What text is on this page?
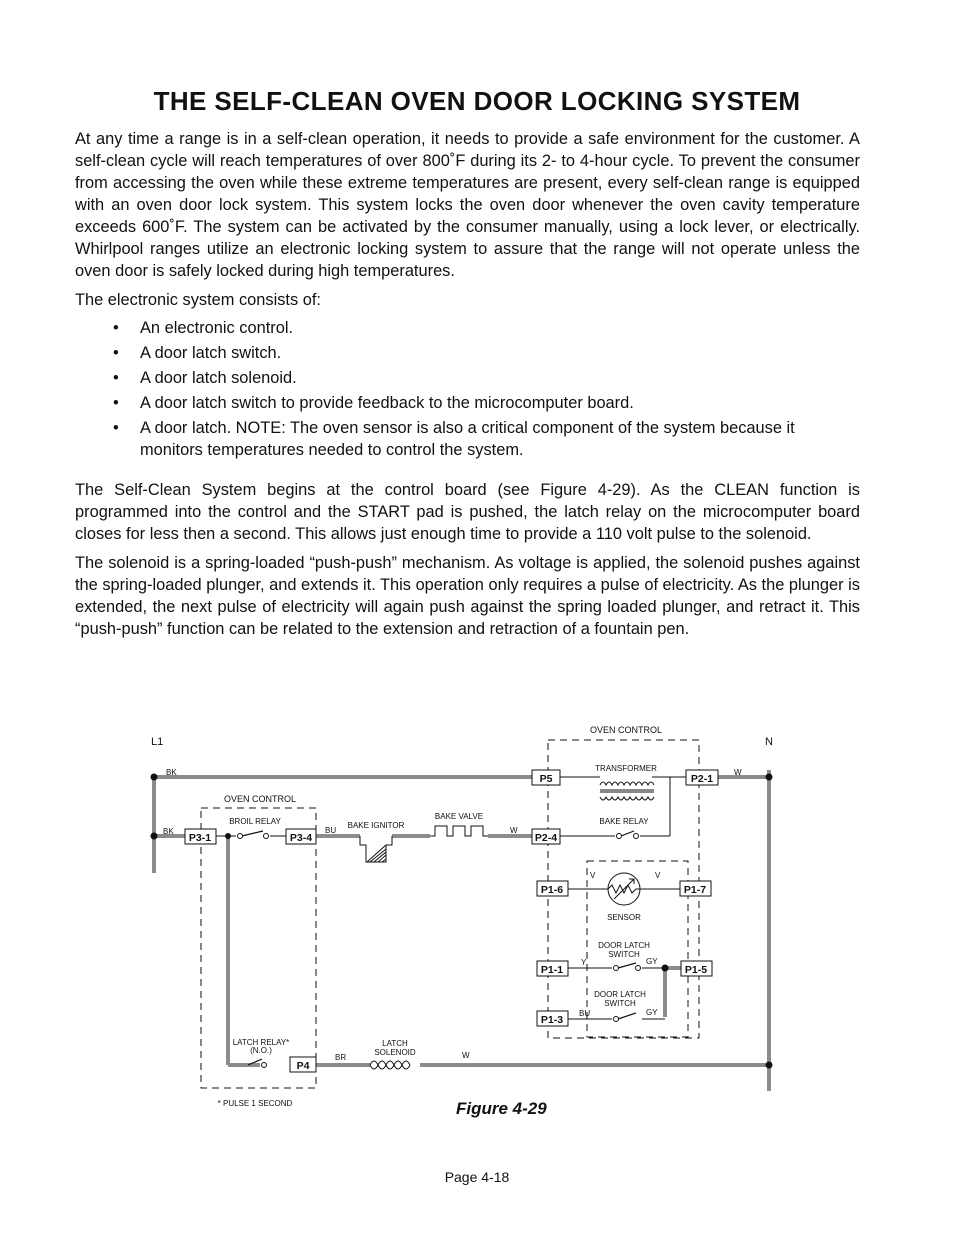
THE SELF-CLEAN OVEN DOOR LOCKING SYSTEM

At any time a range is in a self-clean operation, it needs to provide a safe environment for the customer. A self-clean cycle will reach temperatures of over 800˚F during its 2- to 4-hour cycle. To prevent the consumer from accessing the oven while these extreme temperatures are present, every self-clean range is equipped with an oven door lock system. This system locks the oven door whenever the oven cavity temperature exceeds 600˚F. The system can be activated by the consumer manually, using a lock lever, or electrically. Whirlpool ranges utilize an electronic locking system to assure that the range will not operate unless the oven door is safely locked during high temperatures.

The electronic system consists of:

• An electronic control.
• A door latch switch.
• A door latch solenoid.
• A door latch switch to provide feedback to the microcomputer board.
• A door latch. NOTE: The oven sensor is also a critical component of the system because it monitors temperatures needed to control the system.

The Self-Clean System begins at the control board (see Figure 4-29). As the CLEAN function is programmed into the control and the START pad is pushed, the latch relay on the microcomputer board closes for less then a second. This allows just enough time to provide a 110 volt pulse to the solenoid.

The solenoid is a spring-loaded “push-push” mechanism. As voltage is applied, the solenoid pushes against the spring-loaded plunger, and extends it. This operation only requires a pulse of electricity. As the plunger is extended, the next pulse of electricity will again push against the spring loaded plunger, and retract it. This “push-push” function can be related to the extension and retraction of a fountain pen.

P5	P2-1
P3-1	P3-4	P2-4
P1-6	P1-7
P1-1	P1-5
P1-3
P4
OVEN CONTROL
OVEN CONTROL
TRANSFORMER
BAKE RELAY
BROIL RELAY	BAKE IGNITOR
BAKE VALVE
SENSOR
DOOR LATCH
SWITCH
DOOR LATCH
SWITCH
LATCH RELAY*
(N.O.)
LATCH
SOLENOID
* PULSE 1 SECOND
BK
BK
W
BU	W
V	V
Y	GY
BU	GY
BR	W
L1	N
Figure 4-29
Page 4-18
